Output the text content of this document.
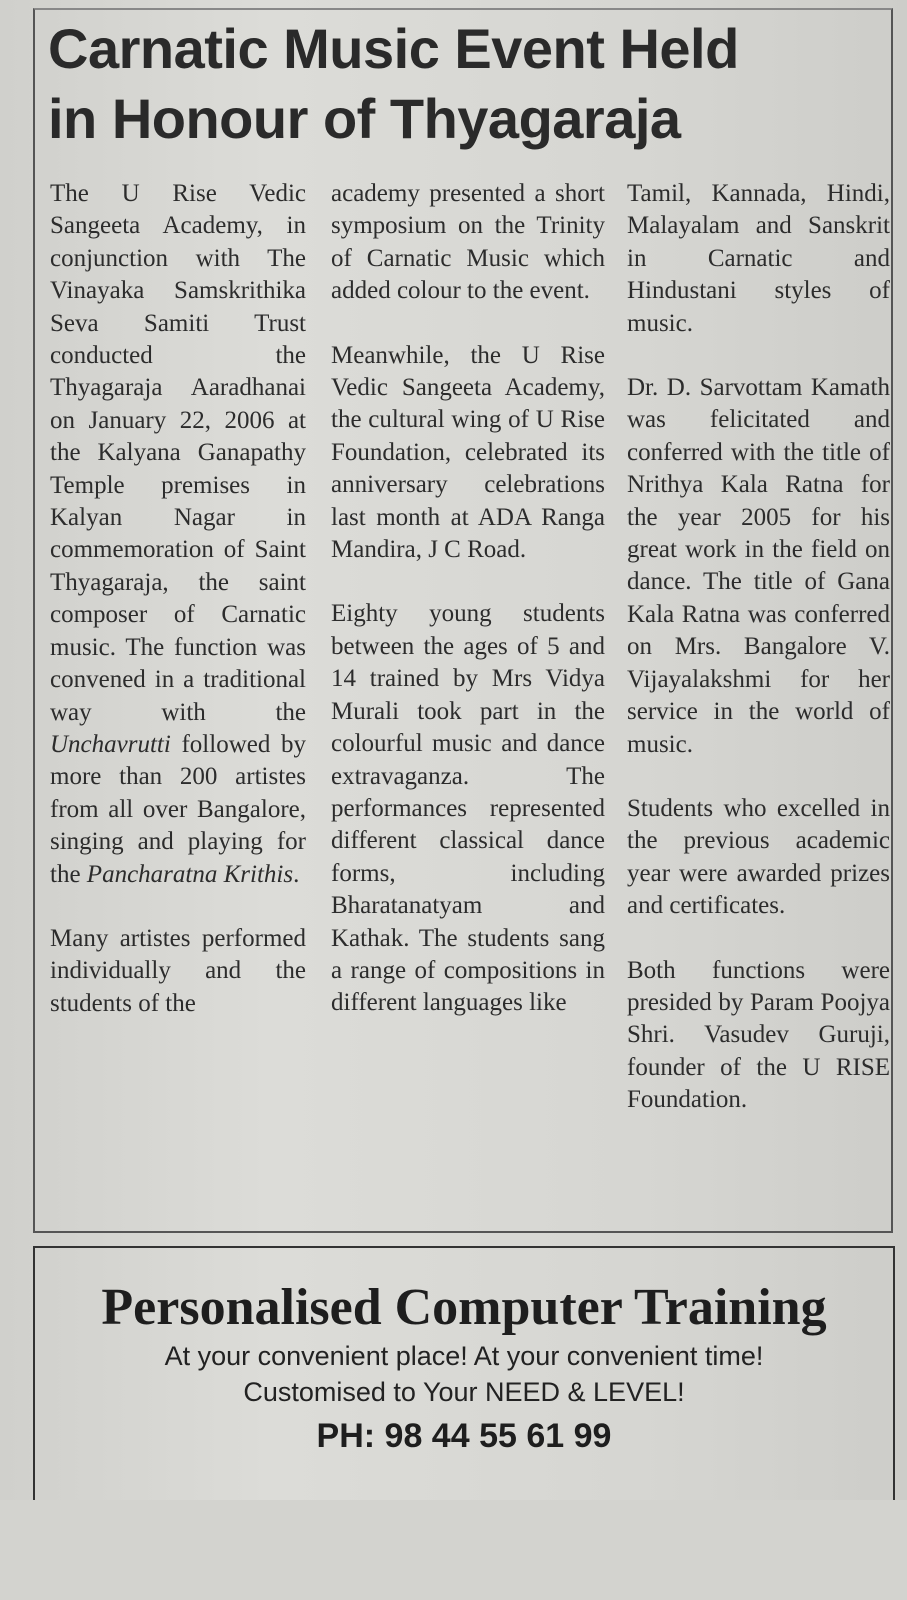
Carnatic Music Event Held
in Honour of Thyagaraja

The U Rise Vedic Sangeeta Academy, in conjunction with The Vinayaka Samskrithika Seva Samiti Trust conducted the Thyagaraja Aaradhanai on January 22, 2006 at the Kalyana Ganapathy Temple premises in Kalyan Nagar in commemoration of Saint Thyagaraja, the saint composer of Carnatic music. The function was convened in a traditional way with the Unchavrutti followed by more than 200 artistes from all over Bangalore, singing and playing for the Pancharatna Krithis.

Many artistes performed individually and the students of the

academy presented a short symposium on the Trinity of Carnatic Music which added colour to the event.

Meanwhile, the U Rise Vedic Sangeeta Academy, the cultural wing of U Rise Foundation, celebrated its anniversary celebrations last month at ADA Ranga Mandira, J C Road.

Eighty young students between the ages of 5 and 14 trained by Mrs Vidya Murali took part in the colourful music and dance extravaganza. The performances represented different classical dance forms, including Bharatanatyam and Kathak. The students sang a range of compositions in different languages like

Tamil, Kannada, Hindi, Malayalam and Sanskrit in Carnatic and Hindustani styles of music.

Dr. D. Sarvottam Kamath was felicitated and conferred with the title of Nrithya Kala Ratna for the year 2005 for his great work in the field on dance. The title of Gana Kala Ratna was conferred on Mrs. Bangalore V. Vijayalakshmi for her service in the world of music.

Students who excelled in the previous academic year were awarded prizes and certificates.

Both functions were presided by Param Poojya Shri. Vasudev Guruji, founder of the U RISE Foundation.

Personalised Computer Training
At your convenient place! At your convenient time!
Customised to Your NEED & LEVEL!
PH: 98 44 55 61 99
